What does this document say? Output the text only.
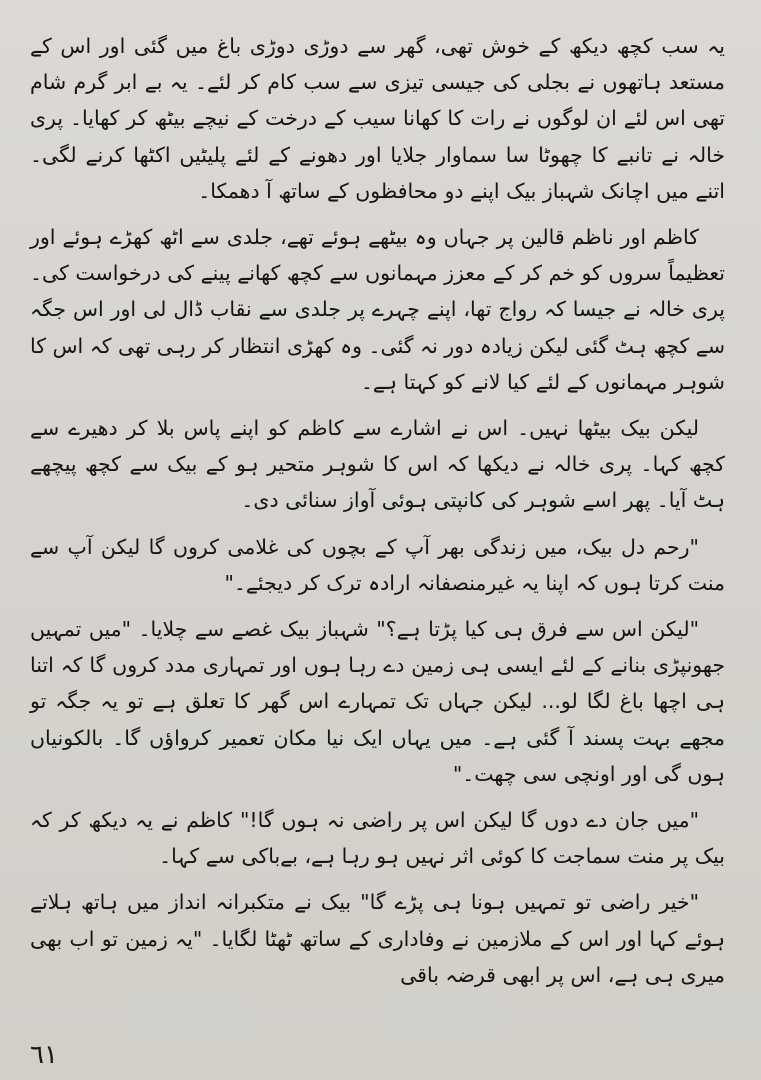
یہ سب کچھ دیکھ کے خوش تھی، گھر سے دوڑی دوڑی باغ میں گئی اور اس کے مستعد ہاتھوں نے بجلی کی جیسی تیزی سے سب کام کر لئے۔ یہ بے ابر گرم شام تھی اس لئے ان لوگوں نے رات کا کھانا سیب کے درخت کے نیچے بیٹھ کر کھایا۔ پری خالہ نے تانبے کا چھوٹا سا سماوار جلایا اور دھونے کے لئے پلیٹیں اکٹھا کرنے لگی۔ اتنے میں اچانک شہباز بیک اپنے دو محافظوں کے ساتھ آ دھمکا۔

کاظم اور ناظم قالین پر جہاں وہ بیٹھے ہوئے تھے، جلدی سے اٹھ کھڑے ہوئے اور تعظیماً سروں کو خم کر کے معزز مہمانوں سے کچھ کھانے پینے کی درخواست کی۔ پری خالہ نے جیسا کہ رواج تھا، اپنے چہرے پر جلدی سے نقاب ڈال لی اور اس جگہ سے کچھ ہٹ گئی لیکن زیادہ دور نہ گئی۔ وہ کھڑی انتظار کر رہی تھی کہ اس کا شوہر مہمانوں کے لئے کیا لانے کو کہتا ہے۔

لیکن بیک بیٹھا نہیں۔ اس نے اشارے سے کاظم کو اپنے پاس بلا کر دھیرے سے کچھ کہا۔ پری خالہ نے دیکھا کہ اس کا شوہر متحیر ہو کے بیک سے کچھ پیچھے ہٹ آیا۔ پھر اسے شوہر کی کانپتی ہوئی آواز سنائی دی۔

"رحم دل بیک، میں زندگی بھر آپ کے بچوں کی غلامی کروں گا لیکن آپ سے منت کرتا ہوں کہ اپنا یہ غیرمنصفانہ ارادہ ترک کر دیجئے۔"

"لیکن اس سے فرق ہی کیا پڑتا ہے؟" شہباز بیک غصے سے چلایا۔ "میں تمہیں جھونپڑی بنانے کے لئے ایسی ہی زمین دے رہا ہوں اور تمہاری مدد کروں گا کہ اتنا ہی اچھا باغ لگا لو... لیکن جہاں تک تمہارے اس گھر کا تعلق ہے تو یہ جگہ تو مجھے بہت پسند آ گئی ہے۔ میں یہاں ایک نیا مکان تعمیر کرواؤں گا۔ بالکونیاں ہوں گی اور اونچی سی چھت۔"

"میں جان دے دوں گا لیکن اس پر راضی نہ ہوں گا!" کاظم نے یہ دیکھ کر کہ بیک پر منت سماجت کا کوئی اثر نہیں ہو رہا ہے، بےباکی سے کہا۔

"خیر راضی تو تمہیں ہونا ہی پڑے گا" بیک نے متکبرانہ انداز میں ہاتھ ہلاتے ہوئے کہا اور اس کے ملازمین نے وفاداری کے ساتھ ٹھٹا لگایا۔ "یہ زمین تو اب بھی میری ہی ہے، اس پر ابھی قرضہ باقی

٦١
